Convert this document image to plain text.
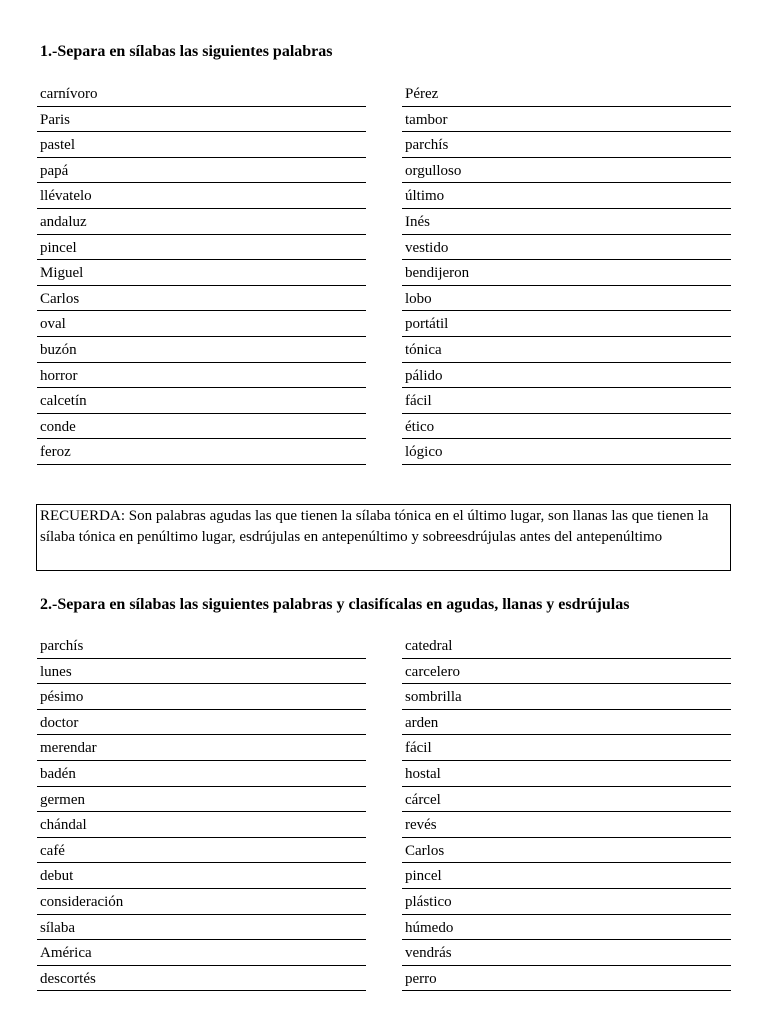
1.-Separa en sílabas las siguientes palabras
carnívoro
Paris
pastel
papá
llévatelo
andaluz
pincel
Miguel
Carlos
oval
buzón
horror
calcetín
conde
feroz
Pérez
tambor
parchís
orgulloso
último
Inés
vestido
bendijeron
lobo
portátil
tónica
pálido
fácil
ético
lógico
RECUERDA: Son palabras agudas las que tienen la sílaba tónica en el último lugar, son llanas las que tienen la sílaba tónica en penúltimo lugar, esdrújulas en antepenúltimo y sobreesdrújulas antes del antepenúltimo
2.-Separa en sílabas las siguientes palabras y clasifícalas en agudas, llanas y esdrújulas
parchís
lunes
pésimo
doctor
merendar
badén
germen
chándal
café
debut
consideración
sílaba
América
descortés
catedral
carcelero
sombrilla
arden
fácil
hostal
cárcel
revés
Carlos
pincel
plástico
húmedo
vendrás
perro
